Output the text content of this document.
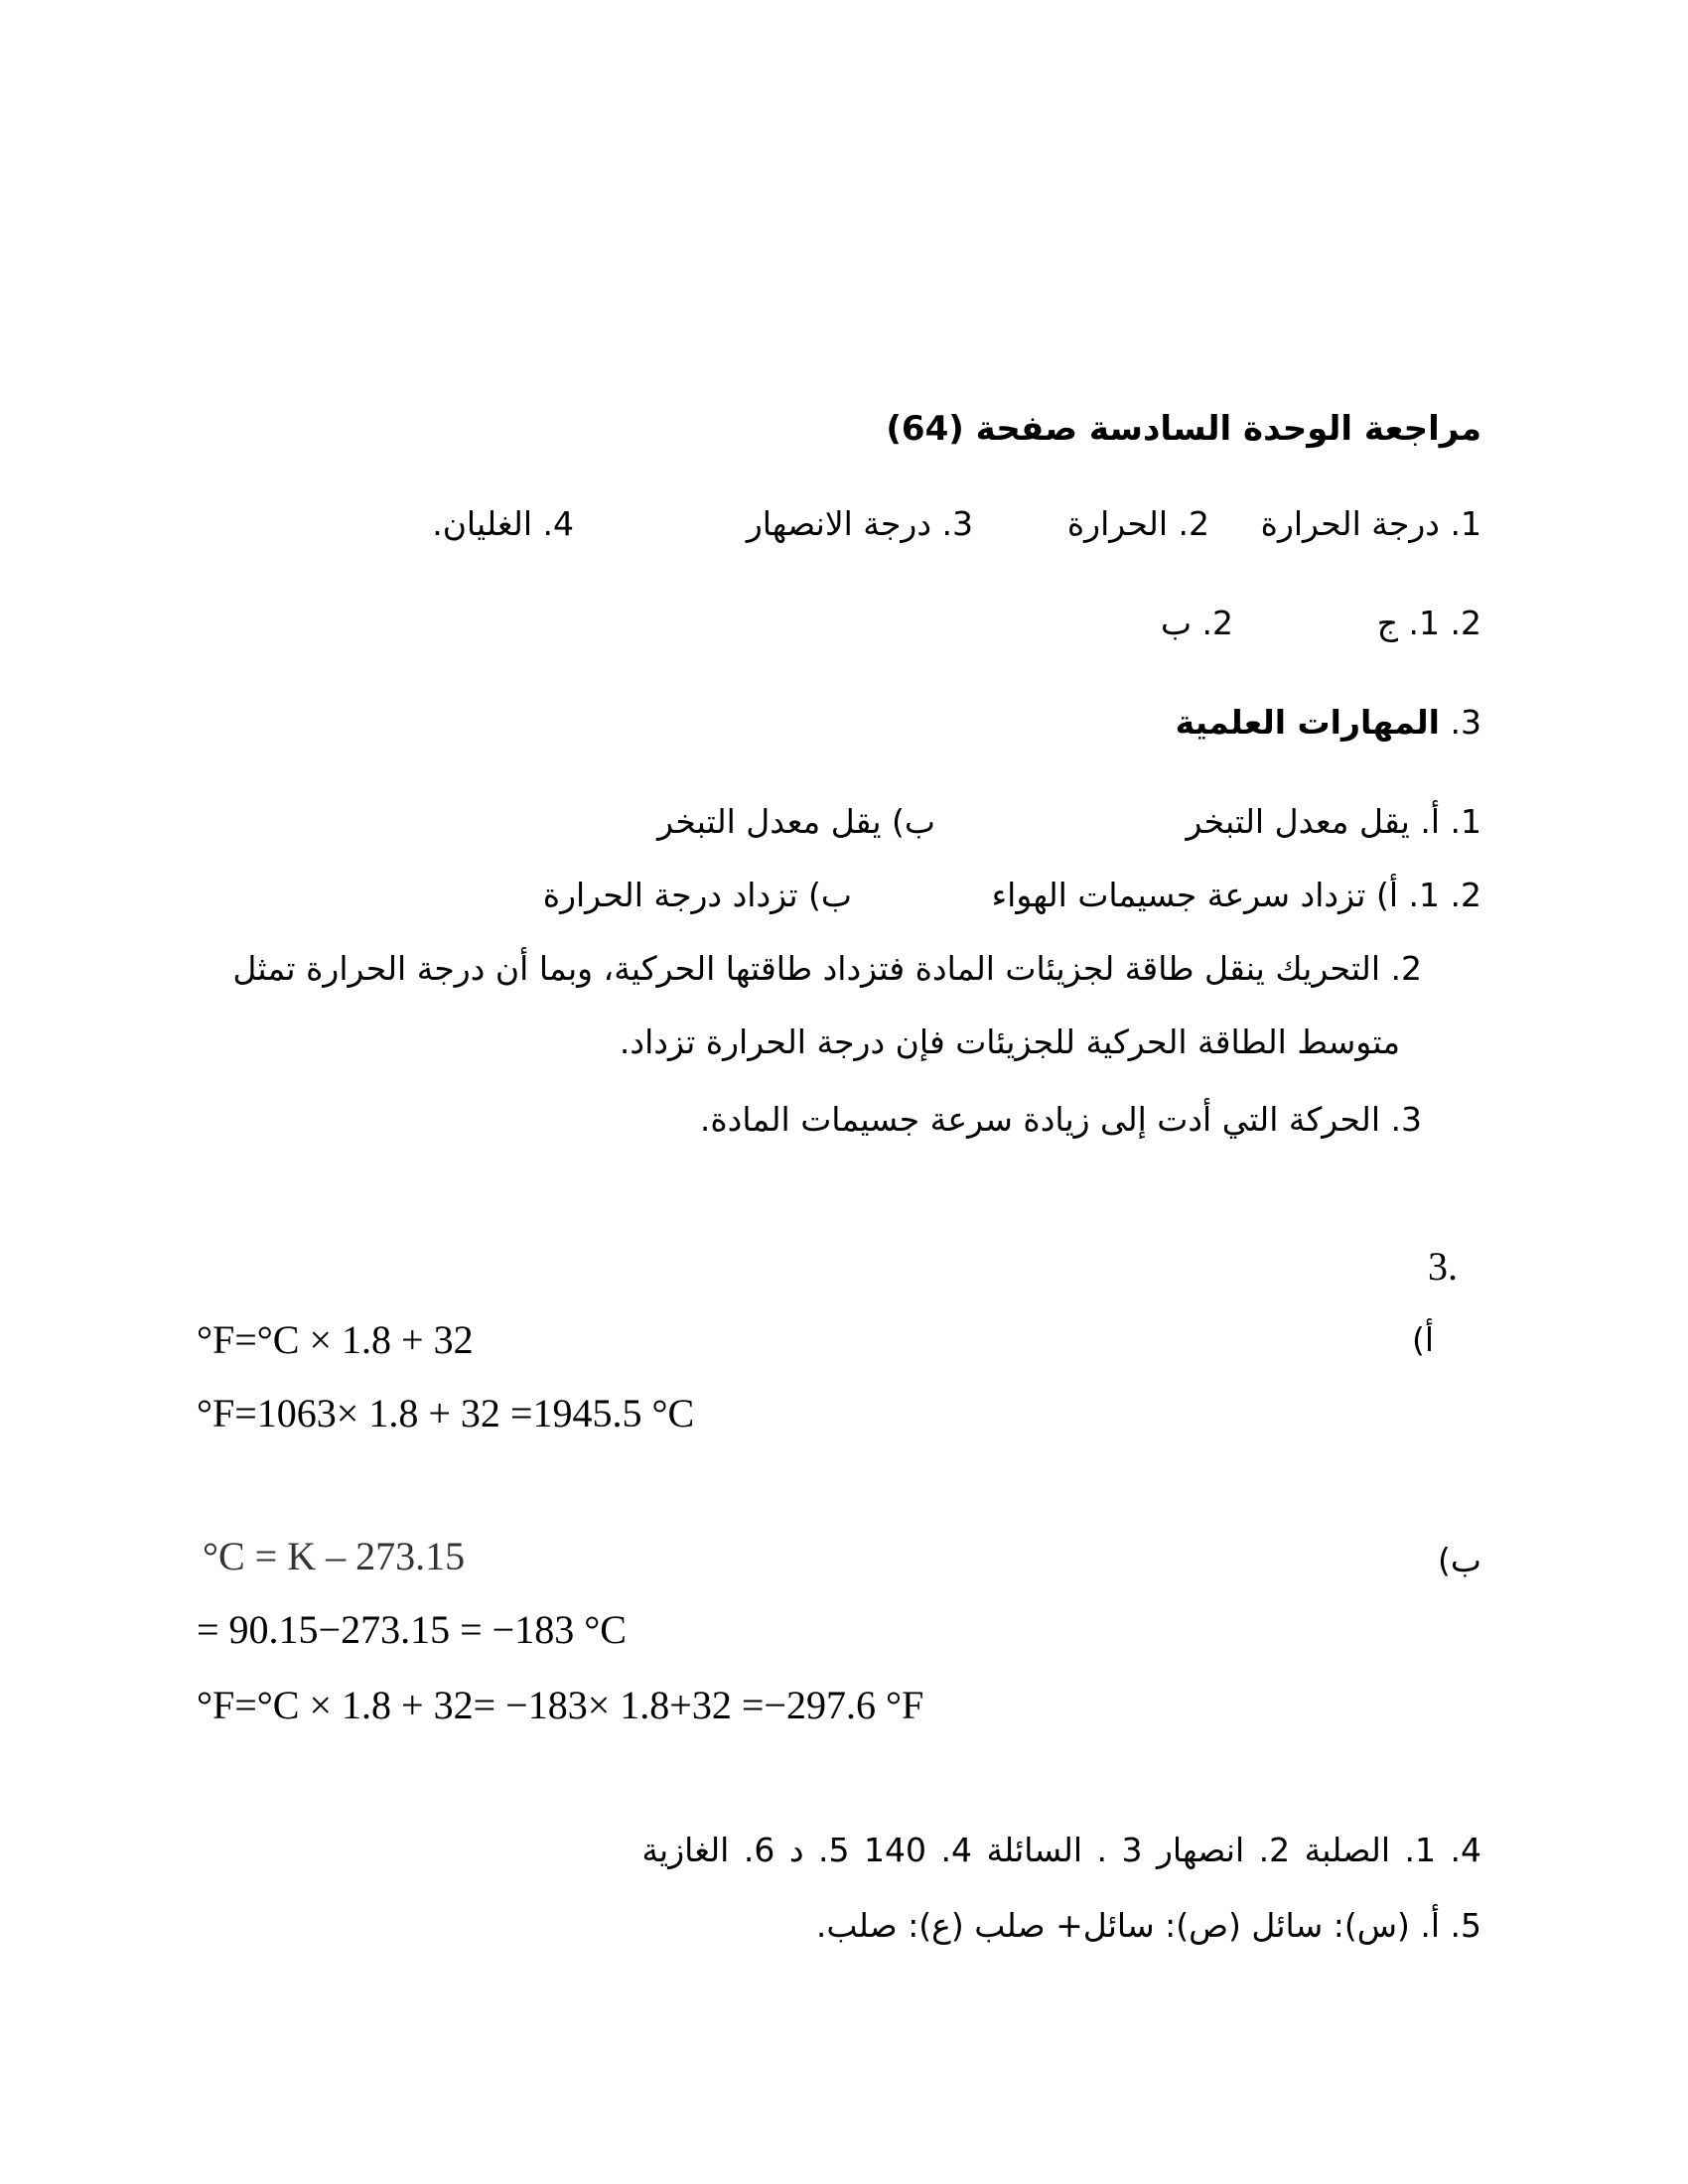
مراجعة الوحدة السادسة صفحة (64)
1. درجة الحرارة
2. الحرارة
3. درجة الانصهار
4. الغليان.
2. 1. ج
2. ب
3. المهارات العلمية
1. أ. يقل معدل التبخر
ب) يقل معدل التبخر
2. 1. أ) تزداد سرعة جسيمات الهواء
ب) تزداد درجة الحرارة
2. التحريك ينقل طاقة لجزيئات المادة فتزداد طاقتها الحركية، وبما أن درجة الحرارة تمثل
متوسط الطاقة الحركية للجزيئات فإن درجة الحرارة تزداد.
3. الحركة التي أدت إلى زيادة سرعة جسيمات المادة.
3.
أ)
°F=°C × 1.8 + 32
°F=1063× 1.8 + 32 =1945.5 °C
ب)
°C = K – 273.15
= 90.15−273.15 = −183 °C
°F=°C × 1.8 + 32= −183× 1.8+32 =−297.6 °F
4. 1. الصلبة 2. انصهار 3 . السائلة 4. 140 5. د 6. الغازية
5. أ. (س): سائل (ص): سائل+ صلب (ع): صلب.
